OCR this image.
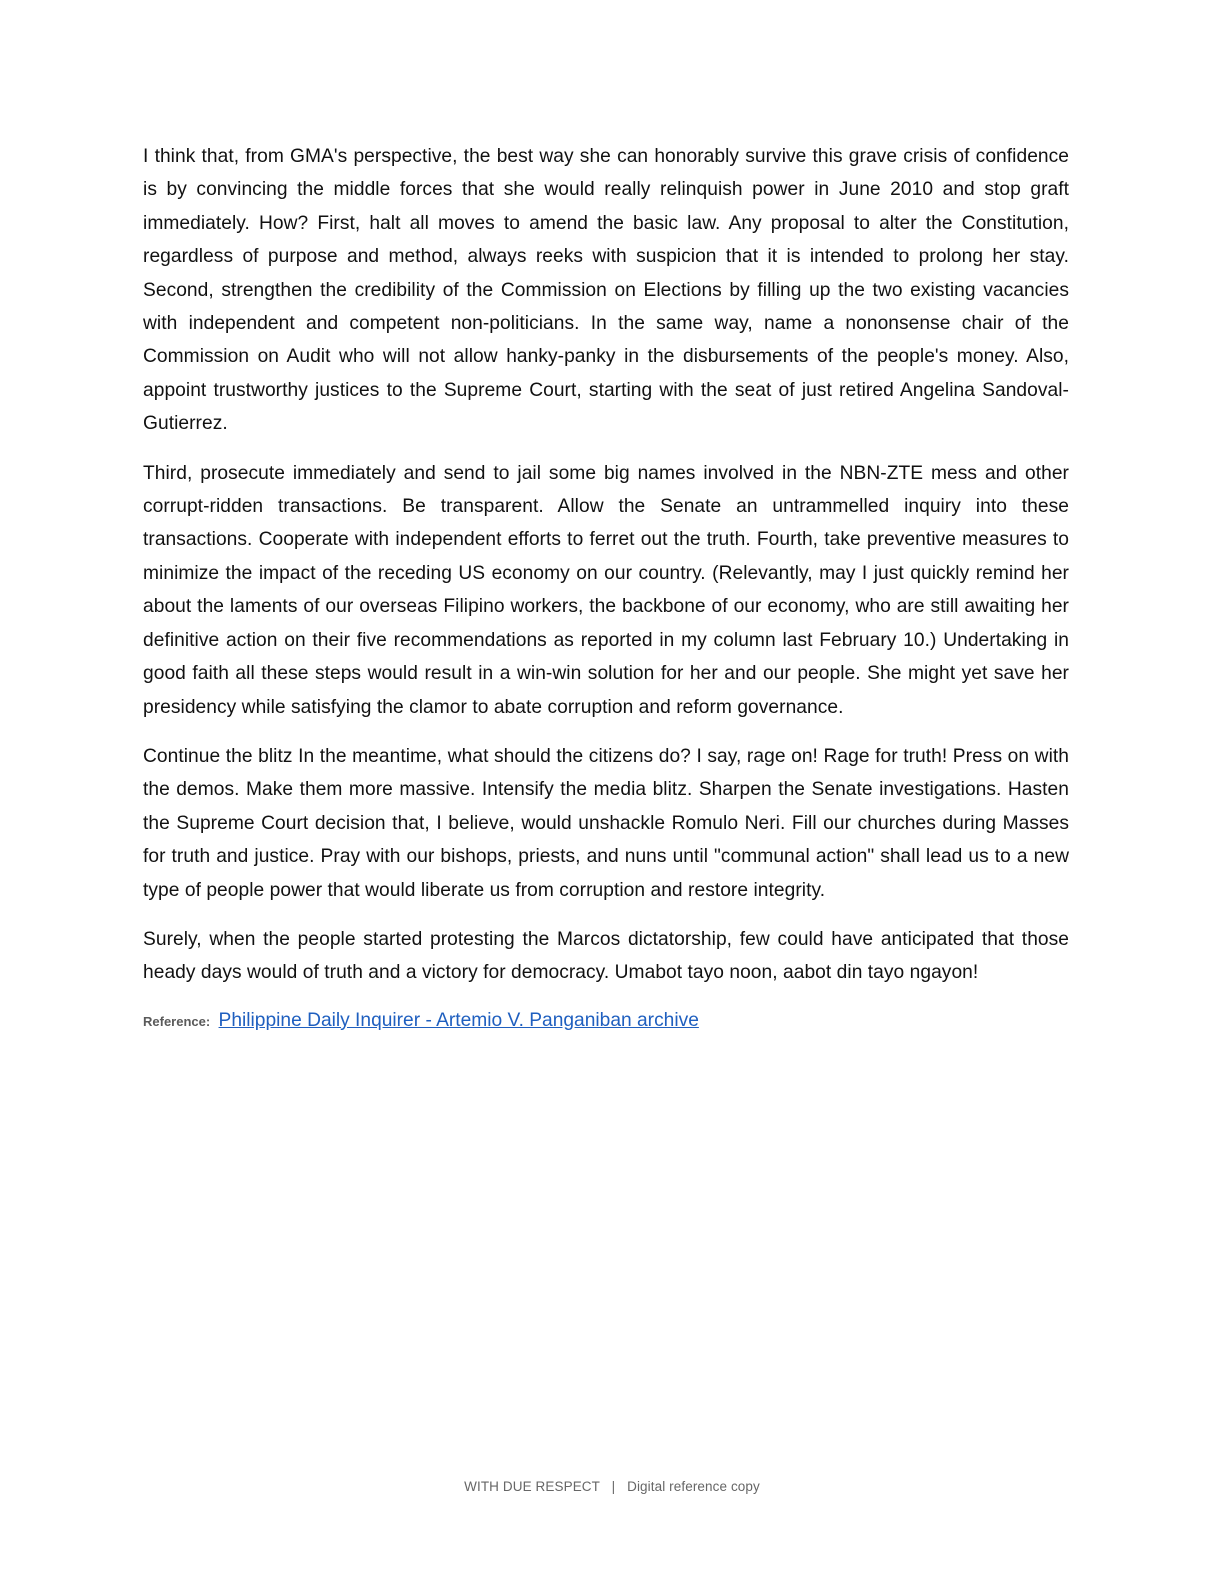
I think that, from GMA's perspective, the best way she can honorably survive this grave crisis of confidence is by convincing the middle forces that she would really relinquish power in June 2010 and stop graft immediately. How? First, halt all moves to amend the basic law. Any proposal to alter the Constitution, regardless of purpose and method, always reeks with suspicion that it is intended to prolong her stay. Second, strengthen the credibility of the Commission on Elections by filling up the two existing vacancies with independent and competent non-politicians. In the same way, name a nononsense chair of the Commission on Audit who will not allow hanky-panky in the disbursements of the people's money. Also, appoint trustworthy justices to the Supreme Court, starting with the seat of just retired Angelina Sandoval-Gutierrez.

Third, prosecute immediately and send to jail some big names involved in the NBN-ZTE mess and other corrupt-ridden transactions. Be transparent. Allow the Senate an untrammelled inquiry into these transactions. Cooperate with independent efforts to ferret out the truth. Fourth, take preventive measures to minimize the impact of the receding US economy on our country. (Relevantly, may I just quickly remind her about the laments of our overseas Filipino workers, the backbone of our economy, who are still awaiting her definitive action on their five recommendations as reported in my column last February 10.) Undertaking in good faith all these steps would result in a win-win solution for her and our people. She might yet save her presidency while satisfying the clamor to abate corruption and reform governance.

Continue the blitz In the meantime, what should the citizens do? I say, rage on! Rage for truth! Press on with the demos. Make them more massive. Intensify the media blitz. Sharpen the Senate investigations. Hasten the Supreme Court decision that, I believe, would unshackle Romulo Neri. Fill our churches during Masses for truth and justice. Pray with our bishops, priests, and nuns until "communal action" shall lead us to a new type of people power that would liberate us from corruption and restore integrity.

Surely, when the people started protesting the Marcos dictatorship, few could have anticipated that those heady days would of truth and a victory for democracy. Umabot tayo noon, aabot din tayo ngayon!

Reference: Philippine Daily Inquirer - Artemio V. Panganiban archive
WITH DUE RESPECT | Digital reference copy
